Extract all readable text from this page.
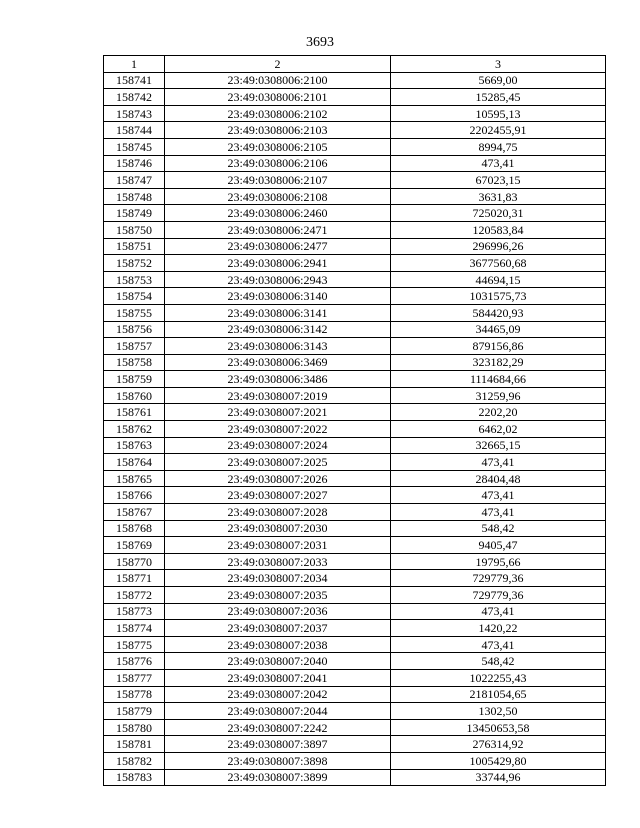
3693
1	2	3
158741	23:49:0308006:2100	5669,00
158742	23:49:0308006:2101	15285,45
158743	23:49:0308006:2102	10595,13
158744	23:49:0308006:2103	2202455,91
158745	23:49:0308006:2105	8994,75
158746	23:49:0308006:2106	473,41
158747	23:49:0308006:2107	67023,15
158748	23:49:0308006:2108	3631,83
158749	23:49:0308006:2460	725020,31
158750	23:49:0308006:2471	120583,84
158751	23:49:0308006:2477	296996,26
158752	23:49:0308006:2941	3677560,68
158753	23:49:0308006:2943	44694,15
158754	23:49:0308006:3140	1031575,73
158755	23:49:0308006:3141	584420,93
158756	23:49:0308006:3142	34465,09
158757	23:49:0308006:3143	879156,86
158758	23:49:0308006:3469	323182,29
158759	23:49:0308006:3486	1114684,66
158760	23:49:0308007:2019	31259,96
158761	23:49:0308007:2021	2202,20
158762	23:49:0308007:2022	6462,02
158763	23:49:0308007:2024	32665,15
158764	23:49:0308007:2025	473,41
158765	23:49:0308007:2026	28404,48
158766	23:49:0308007:2027	473,41
158767	23:49:0308007:2028	473,41
158768	23:49:0308007:2030	548,42
158769	23:49:0308007:2031	9405,47
158770	23:49:0308007:2033	19795,66
158771	23:49:0308007:2034	729779,36
158772	23:49:0308007:2035	729779,36
158773	23:49:0308007:2036	473,41
158774	23:49:0308007:2037	1420,22
158775	23:49:0308007:2038	473,41
158776	23:49:0308007:2040	548,42
158777	23:49:0308007:2041	1022255,43
158778	23:49:0308007:2042	2181054,65
158779	23:49:0308007:2044	1302,50
158780	23:49:0308007:2242	13450653,58
158781	23:49:0308007:3897	276314,92
158782	23:49:0308007:3898	1005429,80
158783	23:49:0308007:3899	33744,96
